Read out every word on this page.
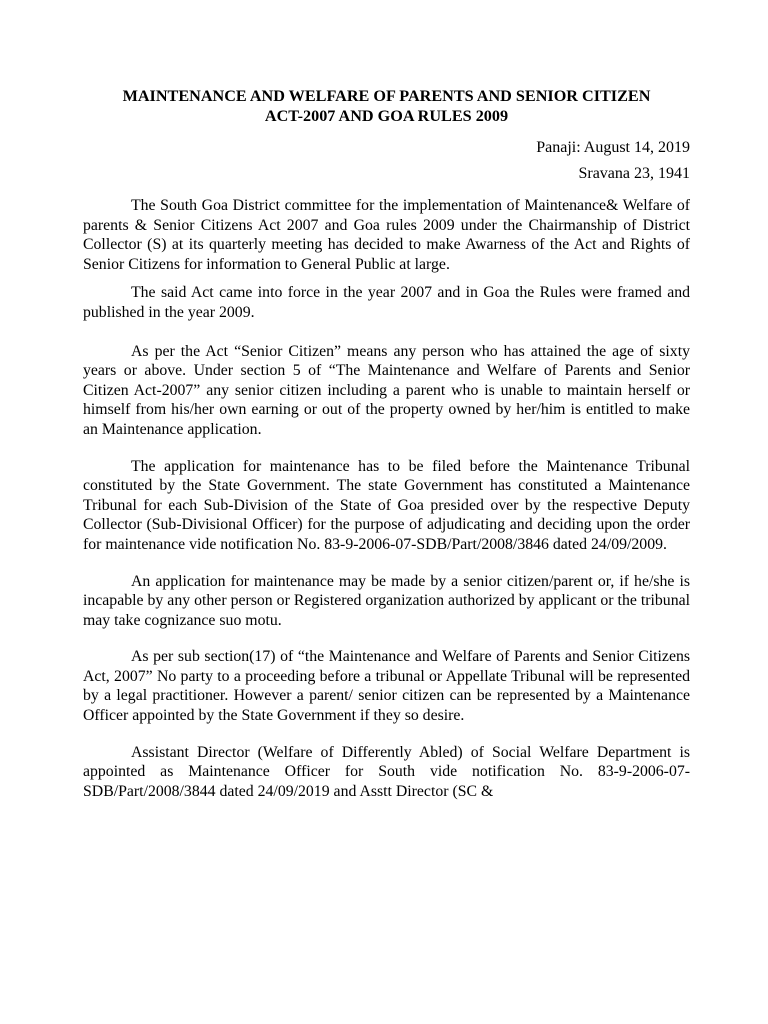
MAINTENANCE AND WELFARE OF PARENTS AND SENIOR CITIZEN
ACT-2007 AND GOA RULES 2009

Panaji: August 14, 2019

Sravana 23, 1941

The South Goa District committee for the implementation of Maintenance& Welfare of parents & Senior Citizens Act 2007 and Goa rules 2009 under the Chairmanship of District Collector (S) at its quarterly meeting has decided to make Awarness of the Act and Rights of Senior Citizens for information to General Public at large.

The said Act came into force in the year 2007 and in Goa the Rules were framed and published in the year 2009.

As per the Act “Senior Citizen” means any person who has attained the age of sixty years or above. Under section 5 of “The Maintenance and Welfare of Parents and Senior Citizen Act-2007” any senior citizen including a parent who is unable to maintain herself or himself from his/her own earning or out of the property owned by her/him is entitled to make an Maintenance application.

The application for maintenance has to be filed before the Maintenance Tribunal constituted by the State Government. The state Government has constituted a Maintenance Tribunal for each Sub-Division of the State of Goa presided over by the respective Deputy Collector (Sub-Divisional Officer) for the purpose of adjudicating and deciding upon the order for maintenance vide notification No. 83-9-2006-07-SDB/Part/2008/3846 dated 24/09/2009.

An application for maintenance may be made by a senior citizen/parent or, if he/she is incapable by any other person or Registered organization authorized by applicant or the tribunal may take cognizance suo motu.

As per sub section(17) of “the Maintenance and Welfare of Parents and Senior Citizens Act, 2007” No party to a proceeding before a tribunal or Appellate Tribunal will be represented by a legal practitioner. However a parent/ senior citizen can be represented by a Maintenance Officer appointed by the State Government if they so desire.

Assistant Director (Welfare of Differently Abled) of Social Welfare Department is appointed as Maintenance Officer for South vide notification No. 83-9-2006-07-SDB/Part/2008/3844 dated 24/09/2019 and Asstt Director (SC &
